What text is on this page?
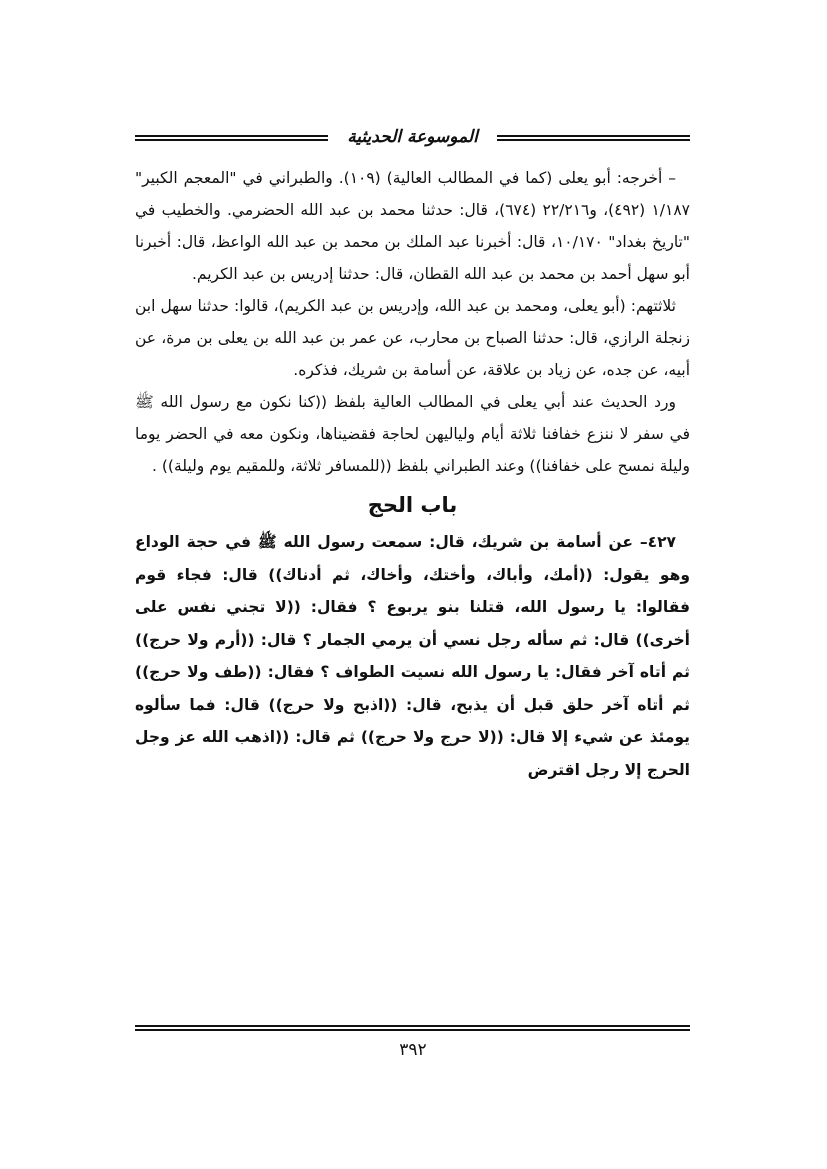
الموسوعة الحديثية

– أخرجه: أبو يعلى (كما في المطالب العالية) (١٠٩). والطبراني في "المعجم الكبير" ١/١٨٧ (٤٩٢)، و٢٢/٢١٦ (٦٧٤)، قال: حدثنا محمد بن عبد الله الحضرمي. والخطيب في "تاريخ بغداد" ١٠/١٧٠، قال: أخبرنا عبد الملك بن محمد بن عبد الله الواعظ، قال: أخبرنا أبو سهل أحمد بن محمد بن عبد الله القطان، قال: حدثنا إدريس بن عبد الكريم.

ثلاثتهم: (أبو يعلى، ومحمد بن عبد الله، وإدريس بن عبد الكريم)، قالوا: حدثنا سهل ابن زنجلة الرازي، قال: حدثنا الصباح بن محارب، عن عمر بن عبد الله بن يعلى بن مرة، عن أبيه، عن جده، عن زياد بن علاقة، عن أسامة بن شريك، فذكره.

ورد الحديث عند أبي يعلى في المطالب العالية بلفظ ((كنا نكون مع رسول الله ﷺ في سفر لا ننزع خفافنا ثلاثة أيام ولياليهن لحاجة فقضيناها، ونكون معه في الحضر يوما وليلة نمسح على خفافنا)) وعند الطبراني بلفظ ((للمسافر ثلاثة، وللمقيم يوم وليلة)) .

باب الحج

٤٢٧– عن أسامة بن شريك، قال: سمعت رسول الله ﷺ في حجة الوداع وهو يقول: ((أمك، وأباك، وأختك، وأخاك، ثم أدناك)) قال: فجاء قوم فقالوا: يا رسول الله، قتلنا بنو يربوع ؟ فقال: ((لا تجني نفس على أخرى)) قال: ثم سأله رجل نسي أن يرمي الجمار ؟ قال: ((أرم ولا حرج)) ثم أتاه آخر فقال: يا رسول الله نسيت الطواف ؟ فقال: ((طف ولا حرج)) ثم أتاه آخر حلق قبل أن يذبح، قال: ((اذبح ولا حرج)) قال: فما سألوه يومئذ عن شيء إلا قال: ((لا حرج ولا حرج)) ثم قال: ((اذهب الله عز وجل الحرج إلا رجل اقترض

٣٩٢
